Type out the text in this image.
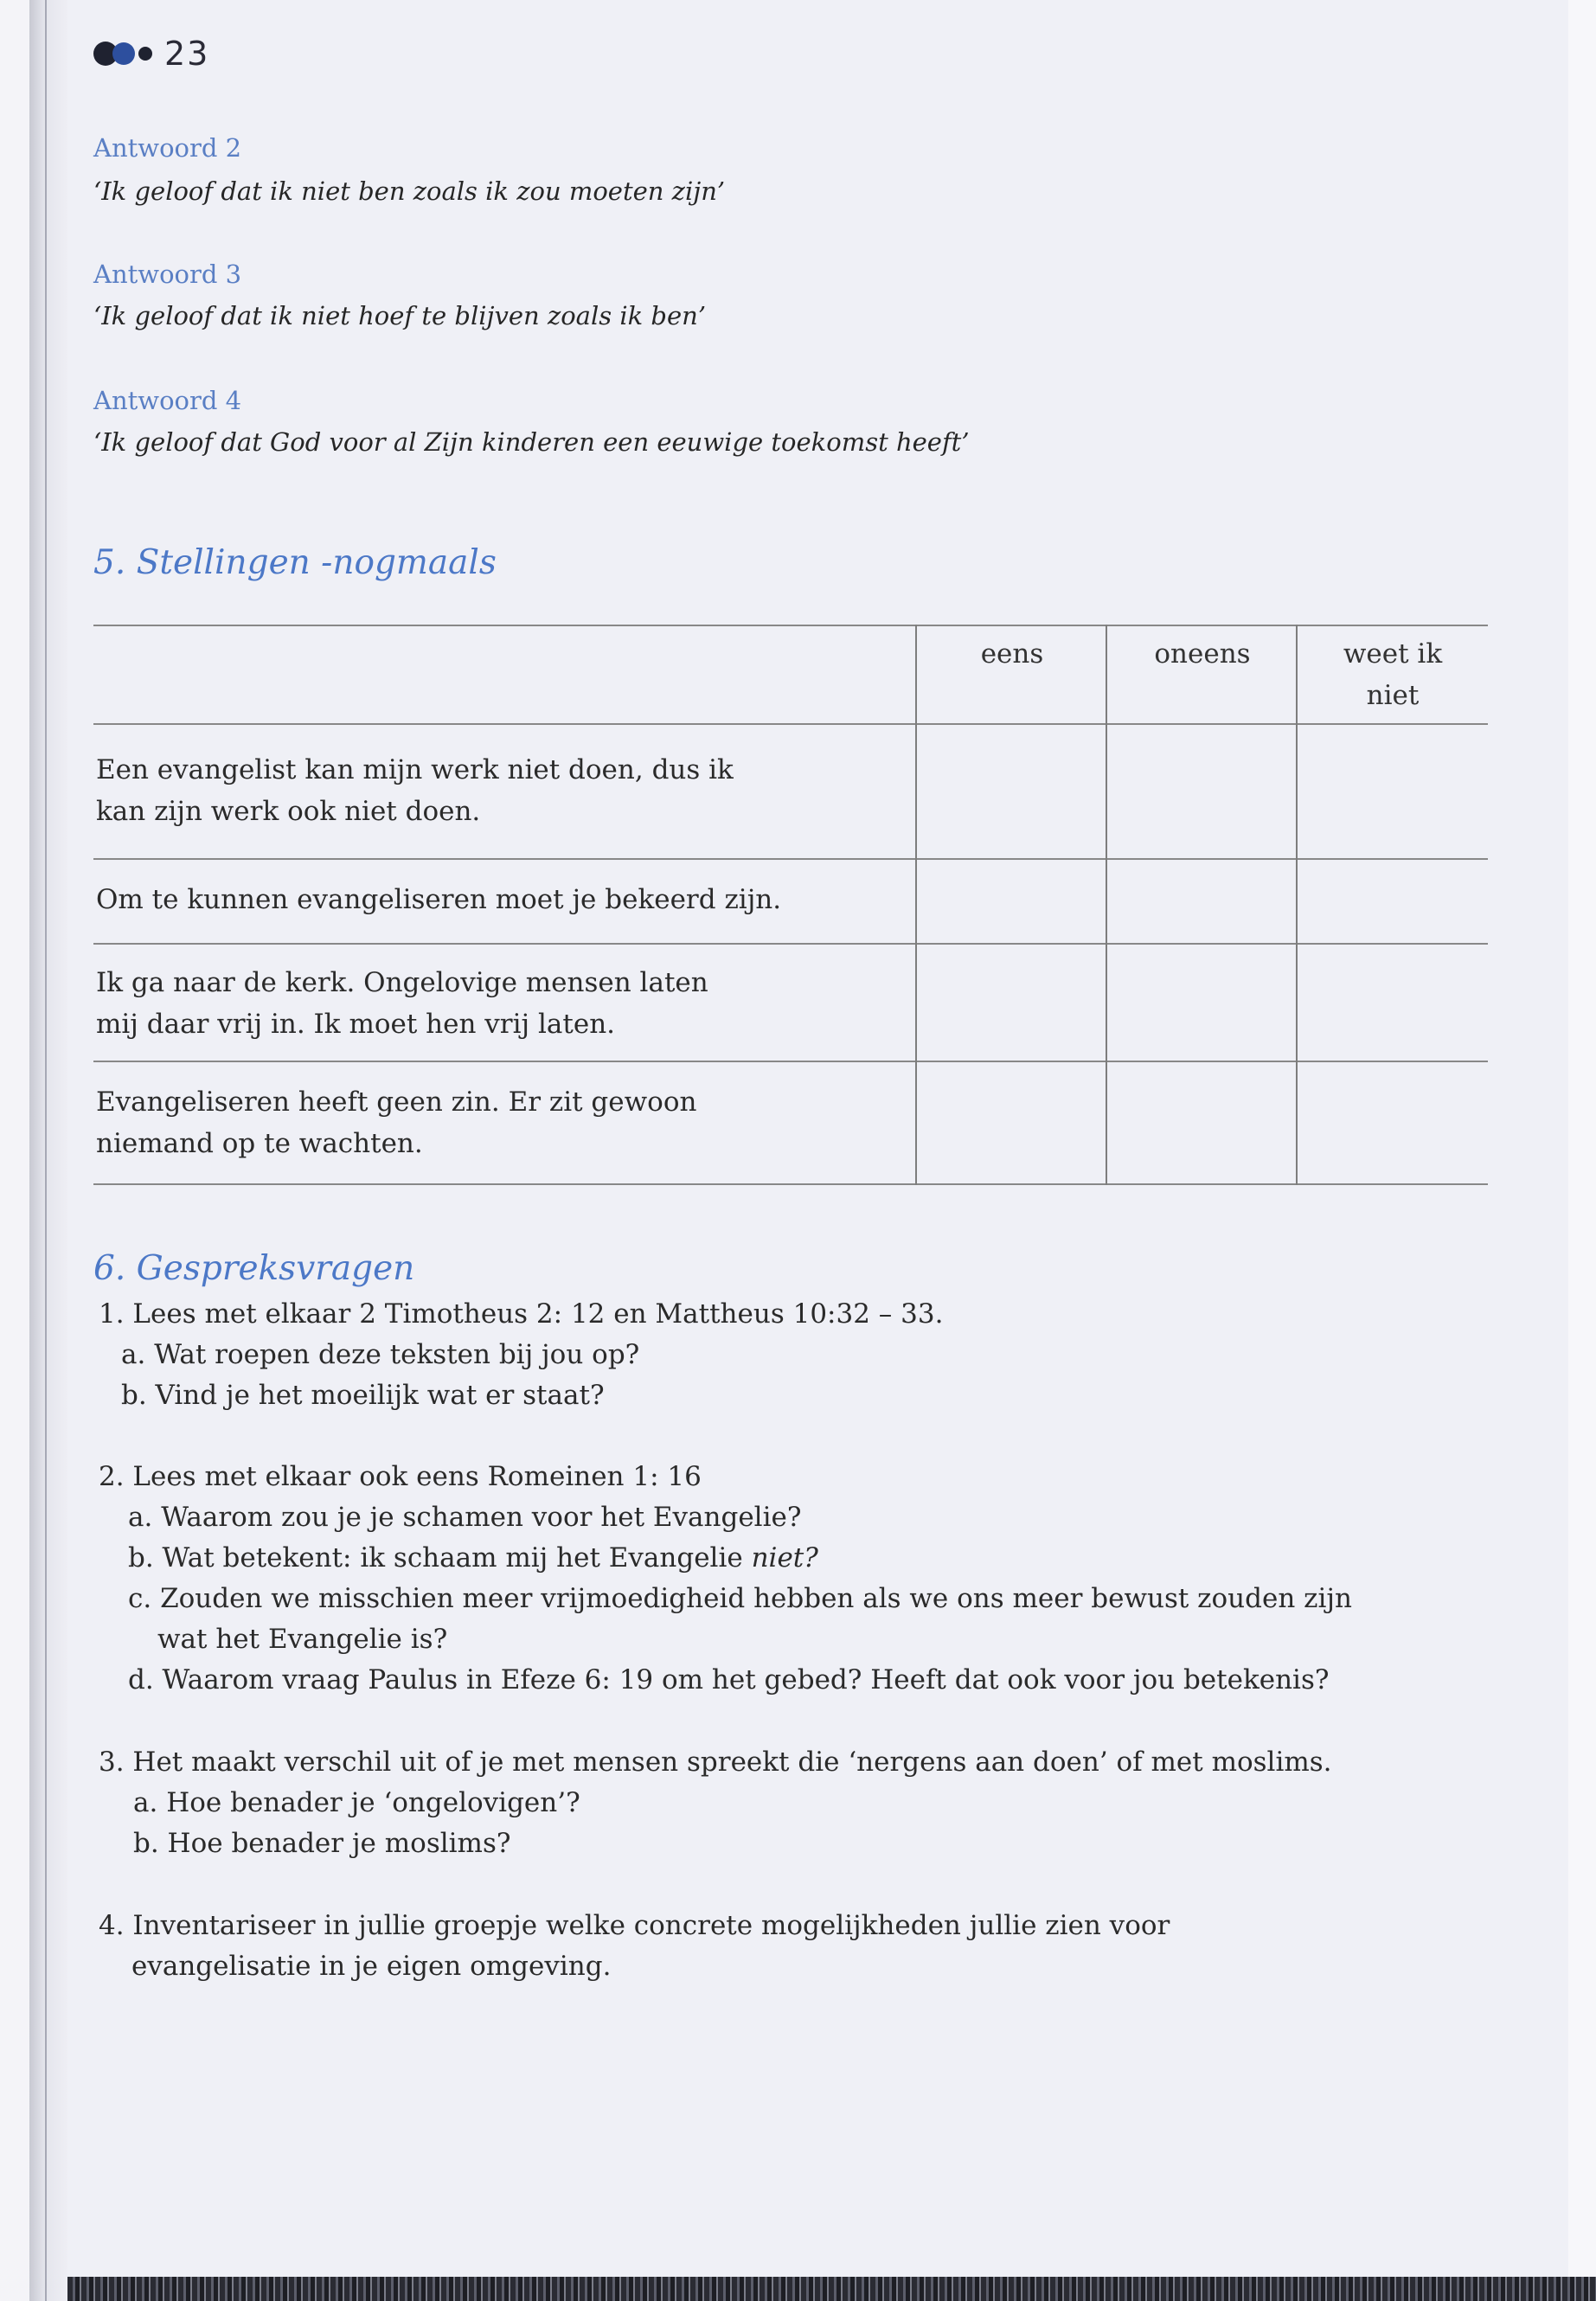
23
Antwoord 2
‘Ik geloof dat ik niet ben zoals ik zou moeten zijn’
Antwoord 3
‘Ik geloof dat ik niet hoef te blijven zoals ik ben’
Antwoord 4
‘Ik geloof dat God voor al Zijn kinderen een eeuwige toekomst heeft’
5. Stellingen -nogmaals
eens	oneens	weet ik niet
Een evangelist kan mijn werk niet doen, dus ik kan zijn werk ook niet doen.
Om te kunnen evangeliseren moet je bekeerd zijn.
Ik ga naar de kerk. Ongelovige mensen laten mij daar vrij in. Ik moet hen vrij laten.
Evangeliseren heeft geen zin. Er zit gewoon niemand op te wachten.
6. Gespreksvragen
1. Lees met elkaar 2 Timotheus 2: 12 en Mattheus 10:32 – 33.
a. Wat roepen deze teksten bij jou op?
b. Vind je het moeilijk wat er staat?
2. Lees met elkaar ook eens Romeinen 1: 16
a. Waarom zou je je schamen voor het Evangelie?
b. Wat betekent: ik schaam mij het Evangelie niet?
c. Zouden we misschien meer vrijmoedigheid hebben als we ons meer bewust zouden zijn
wat het Evangelie is?
d. Waarom vraag Paulus in Efeze 6: 19 om het gebed? Heeft dat ook voor jou betekenis?
3. Het maakt verschil uit of je met mensen spreekt die ‘nergens aan doen’ of met moslims.
a. Hoe benader je ‘ongelovigen’?
b. Hoe benader je moslims?
4. Inventariseer in jullie groepje welke concrete mogelijkheden jullie zien voor
evangelisatie in je eigen omgeving.
